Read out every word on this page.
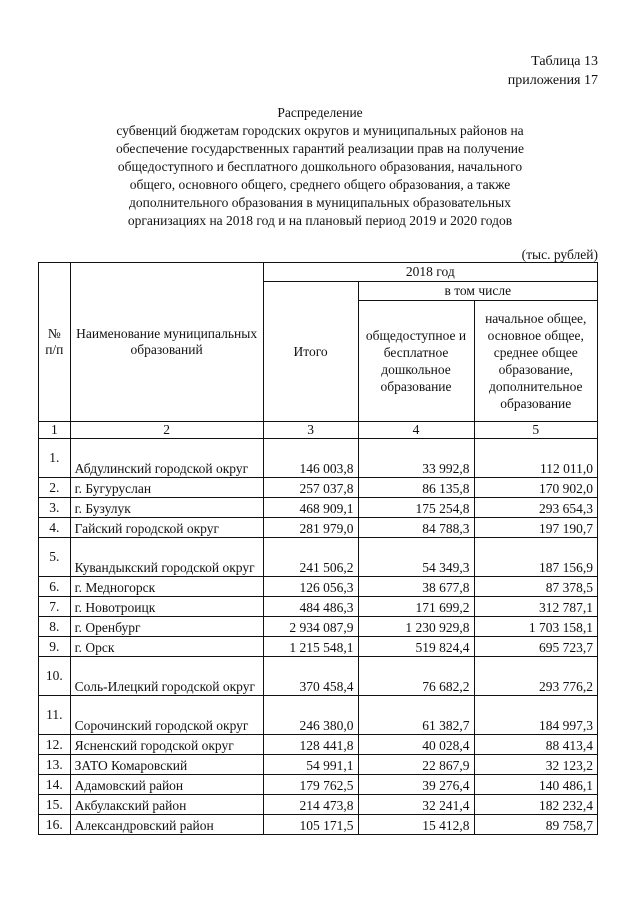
Таблица 13
приложения 17
Распределение
субвенций бюджетам городских округов и муниципальных районов на
обеспечение государственных гарантий реализации прав на получение
общедоступного и бесплатного дошкольного образования, начального
общего, основного общего, среднего общего образования, а также
дополнительного образования в муниципальных образовательных
организациях на 2018 год и на плановый период 2019 и 2020 годов
(тыс. рублей)
№ п/п	Наименование муниципальных образований	2018 год		
		Итого	в том числе	
			общедоступное и бесплатное дошкольное образование	начальное общее, основное общее, среднее общее образование, дополнительное образование
1	2	3	4	5
1.	Абдулинский городской округ	146 003,8	33 992,8	112 011,0
2.	г. Бугуруслан	257 037,8	86 135,8	170 902,0
3.	г. Бузулук	468 909,1	175 254,8	293 654,3
4.	Гайский городской округ	281 979,0	84 788,3	197 190,7
5.	Кувандыкский городской округ	241 506,2	54 349,3	187 156,9
6.	г. Медногорск	126 056,3	38 677,8	87 378,5
7.	г. Новотроицк	484 486,3	171 699,2	312 787,1
8.	г. Оренбург	2 934 087,9	1 230 929,8	1 703 158,1
9.	г. Орск	1 215 548,1	519 824,4	695 723,7
10.	Соль-Илецкий городской округ	370 458,4	76 682,2	293 776,2
11.	Сорочинский городской округ	246 380,0	61 382,7	184 997,3
12.	Ясненский городской округ	128 441,8	40 028,4	88 413,4
13.	ЗАТО Комаровский	54 991,1	22 867,9	32 123,2
14.	Адамовский район	179 762,5	39 276,4	140 486,1
15.	Акбулакский район	214 473,8	32 241,4	182 232,4
16.	Александровский район	105 171,5	15 412,8	89 758,7
